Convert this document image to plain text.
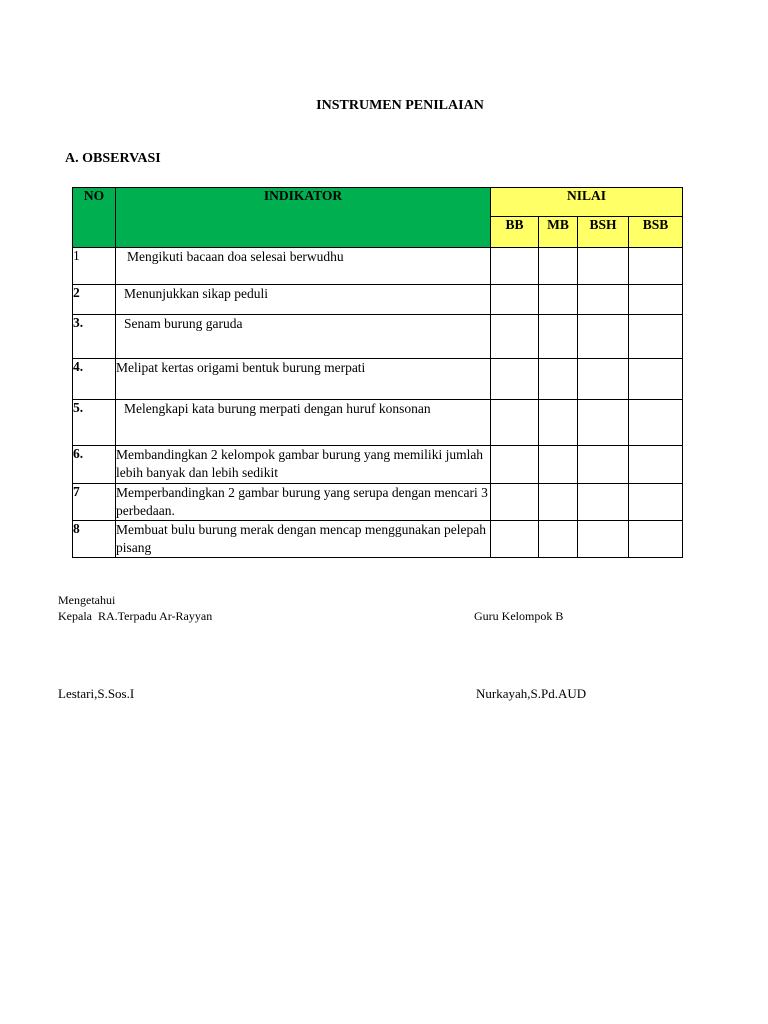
INSTRUMEN PENILAIAN
A. OBSERVASI
NO	INDIKATOR	NILAI			
		BB	MB	BSH	BSB
1	Mengikuti bacaan doa selesai berwudhu				
2	Menunjukkan sikap peduli				
3.	Senam burung garuda				
4.	Melipat kertas origami bentuk burung merpati				
5.	Melengkapi kata burung merpati dengan huruf konsonan				
6.	Membandingkan 2 kelompok gambar burung yang memiliki jumlah lebih banyak dan lebih sedikit				
7	Memperbandingkan 2 gambar burung yang serupa dengan mencari 3 perbedaan.				
8	Membuat bulu burung merak dengan mencap menggunakan pelepah pisang				
Mengetahui
Kepala  RA.Terpadu Ar-Rayyan	Guru Kelompok B
Lestari,S.Sos.I	Nurkayah,S.Pd.AUD
